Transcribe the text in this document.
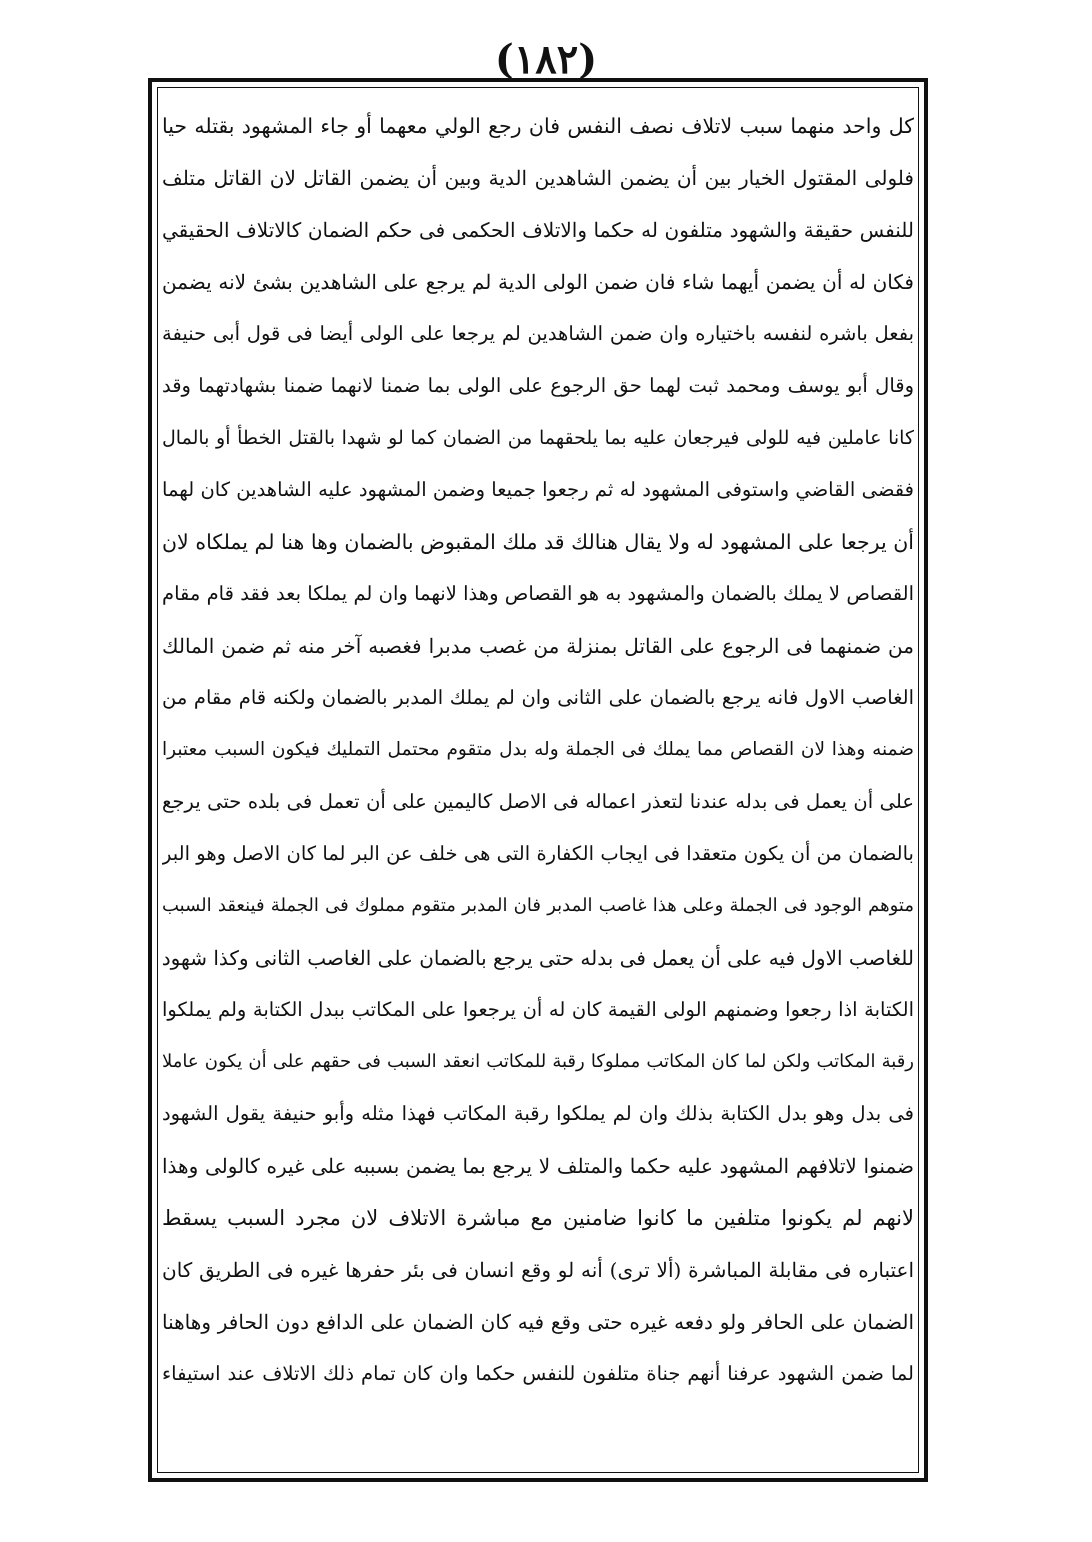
(١٨٢)
كل واحد منهما سبب لاتلاف نصف النفس فان رجع الولي معهما أو جاء المشهود بقتله حيا
فلولى المقتول الخيار بين أن يضمن الشاهدين الدية وبين أن يضمن القاتل لان القاتل متلف
للنفس حقيقة والشهود متلفون له حكما والاتلاف الحكمى فى حكم الضمان كالاتلاف الحقيقي
فكان له أن يضمن أيهما شاء فان ضمن الولى الدية لم يرجع على الشاهدين بشئ لانه يضمن
بفعل باشره لنفسه باختياره وان ضمن الشاهدين لم يرجعا على الولى أيضا فى قول أبى حنيفة
وقال أبو يوسف ومحمد ثبت لهما حق الرجوع على الولى بما ضمنا لانهما ضمنا بشهادتهما وقد
كانا عاملين فيه للولى فيرجعان عليه بما يلحقهما من الضمان كما لو شهدا بالقتل الخطأ أو بالمال
فقضى القاضي واستوفى المشهود له ثم رجعوا جميعا وضمن المشهود عليه الشاهدين كان لهما
أن يرجعا على المشهود له ولا يقال هنالك قد ملك المقبوض بالضمان وها هنا لم يملكاه لان
القصاص لا يملك بالضمان والمشهود به هو القصاص وهذا لانهما وان لم يملكا بعد فقد قام مقام
من ضمنهما فى الرجوع على القاتل بمنزلة من غصب مدبرا فغصبه آخر منه ثم ضمن المالك
الغاصب الاول فانه يرجع بالضمان على الثانى وان لم يملك المدبر بالضمان ولكنه قام مقام من
ضمنه وهذا لان القصاص مما يملك فى الجملة وله بدل متقوم محتمل التمليك فيكون السبب معتبرا
على أن يعمل فى بدله عندنا لتعذر اعماله فى الاصل كاليمين على أن تعمل فى بلده حتى يرجع
بالضمان من أن يكون متعقدا فى ايجاب الكفارة التى هى خلف عن البر لما كان الاصل وهو البر
متوهم الوجود فى الجملة وعلى هذا غاصب المدبر فان المدبر متقوم مملوك فى الجملة فينعقد السبب
للغاصب الاول فيه على أن يعمل فى بدله حتى يرجع بالضمان على الغاصب الثانى وكذا شهود
الكتابة اذا رجعوا وضمنهم الولى القيمة كان له أن يرجعوا على المكاتب ببدل الكتابة ولم يملكوا
رقبة المكاتب ولكن لما كان المكاتب مملوكا رقبة للمكاتب انعقد السبب فى حقهم على أن يكون عاملا
فى بدل وهو بدل الكتابة بذلك وان لم يملكوا رقبة المكاتب فهذا مثله وأبو حنيفة يقول الشهود
ضمنوا لاتلافهم المشهود عليه حكما والمتلف لا يرجع بما يضمن بسببه على غيره كالولى وهذا
لانهم لم يكونوا متلفين ما كانوا ضامنين مع مباشرة الاتلاف لان مجرد السبب يسقط
اعتباره فى مقابلة المباشرة (ألا ترى) أنه لو وقع انسان فى بئر حفرها غيره فى الطريق كان
الضمان على الحافر ولو دفعه غيره حتى وقع فيه كان الضمان على الدافع دون الحافر وهاهنا
لما ضمن الشهود عرفنا أنهم جناة متلفون للنفس حكما وان كان تمام ذلك الاتلاف عند استيفاء
